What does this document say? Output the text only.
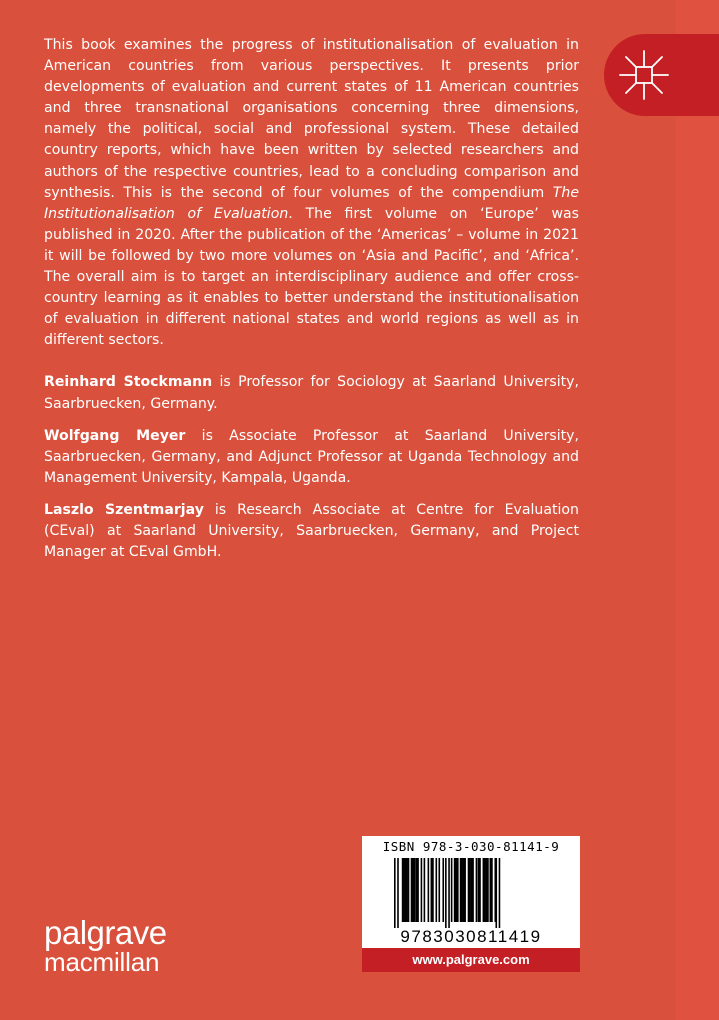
This book examines the progress of institutionalisation of evaluation in American countries from various perspectives. It presents prior developments of evaluation and current states of 11 American countries and three transnational organisations concerning three dimensions, namely the political, social and professional system. These detailed country reports, which have been written by selected researchers and authors of the respective countries, lead to a concluding comparison and synthesis. This is the second of four volumes of the compendium The Institutionalisation of Evaluation. The first volume on ‘Europe’ was published in 2020. After the publication of the ‘Americas’ – volume in 2021 it will be followed by two more volumes on ‘Asia and Pacific’, and ‘Africa’. The overall aim is to target an interdisciplinary audience and offer cross-country learning as it enables to better understand the institutionalisation of evaluation in different national states and world regions as well as in different sectors.

Reinhard Stockmann is Professor for Sociology at Saarland University, Saarbruecken, Germany.

Wolfgang Meyer is Associate Professor at Saarland University, Saarbruecken, Germany, and Adjunct Professor at Uganda Technology and Management University, Kampala, Uganda.

Laszlo Szentmarjay is Research Associate at Centre for Evaluation (CEval) at Saarland University, Saarbruecken, Germany, and Project Manager at CEval GmbH.

ISBN 978-3-030-81141-9
9783030811419
www.palgrave.com
palgrave
macmillan
